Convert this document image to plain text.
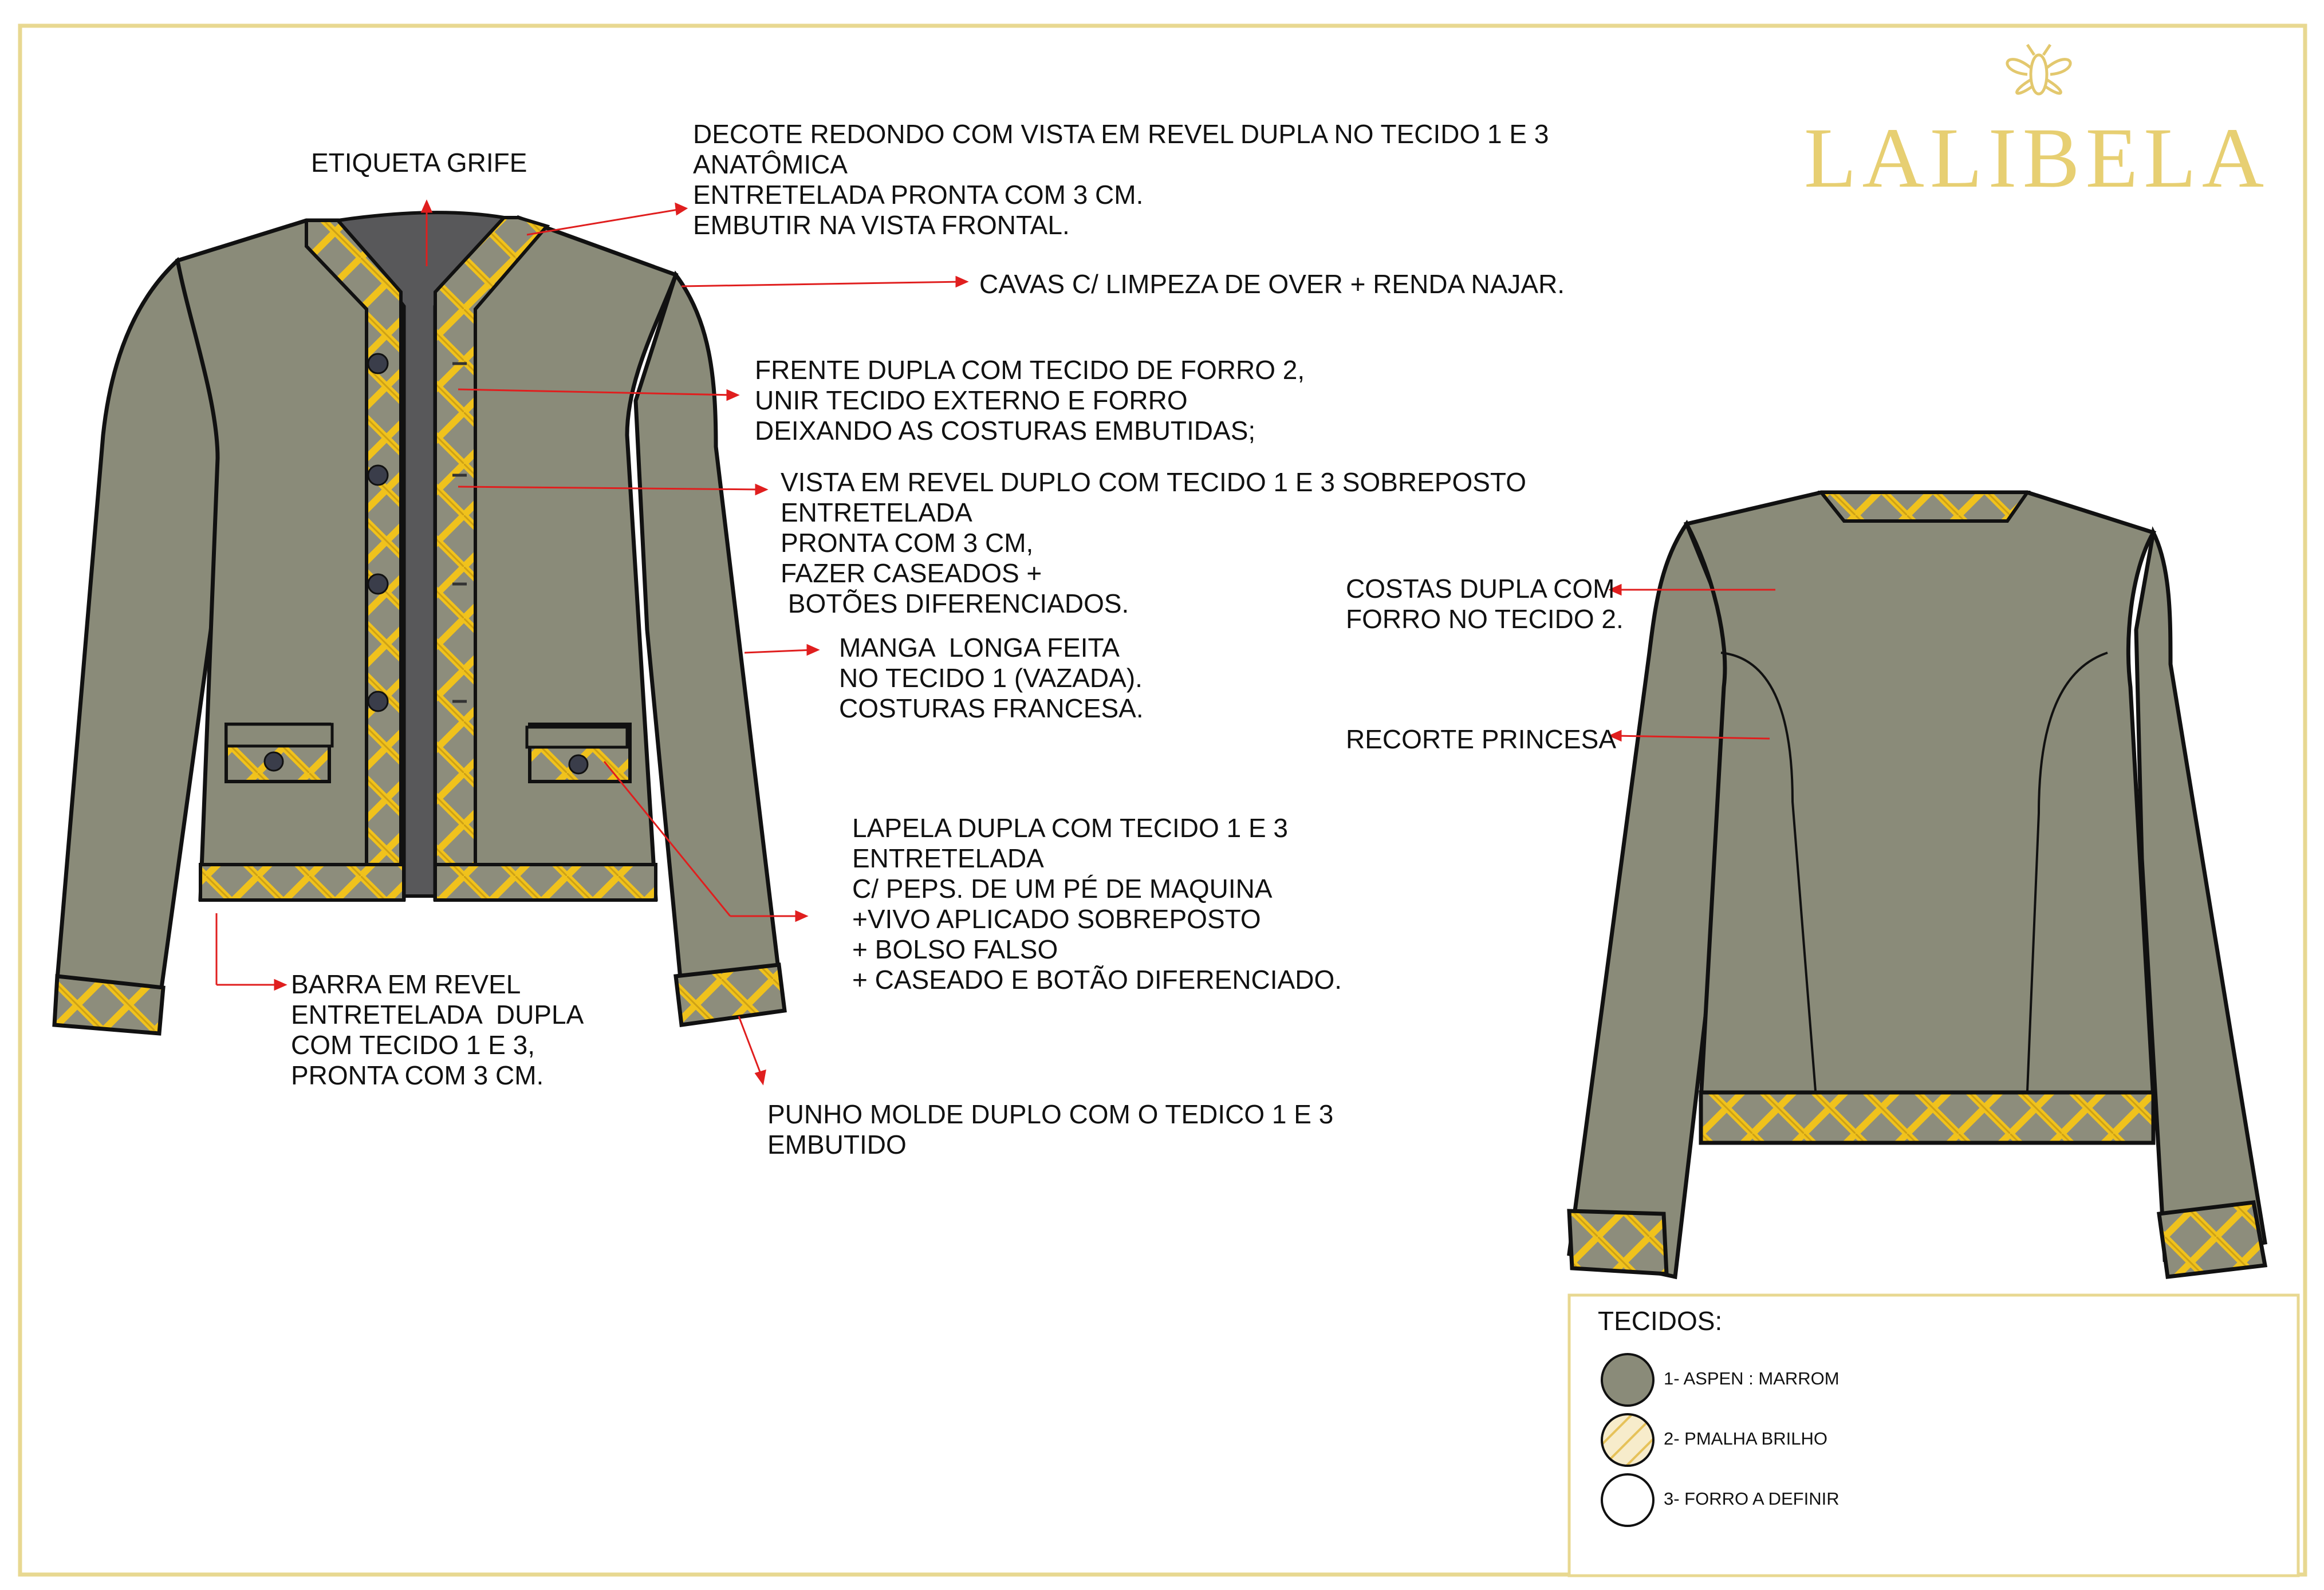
LALIBELA
ETIQUETA GRIFE
DECOTE REDONDO COM VISTA EM REVEL DUPLA NO TECIDO 1 E 3
ANATÔMICA
ENTRETELADA PRONTA COM 3 CM.
EMBUTIR NA VISTA FRONTAL.
CAVAS C/ LIMPEZA DE OVER + RENDA NAJAR.
FRENTE DUPLA COM TECIDO DE FORRO 2,
UNIR TECIDO EXTERNO E FORRO
DEIXANDO AS COSTURAS EMBUTIDAS;
VISTA EM REVEL DUPLO COM TECIDO 1 E 3 SOBREPOSTO
ENTRETELADA
PRONTA COM 3 CM,
FAZER CASEADOS +
BOTÕES DIFERENCIADOS.
MANGA  LONGA FEITA
NO TECIDO 1 (VAZADA).
COSTURAS FRANCESA.
LAPELA DUPLA COM TECIDO 1 E 3
ENTRETELADA
C/ PEPS. DE UM PÉ DE MAQUINA
+VIVO APLICADO SOBREPOSTO
+ BOLSO FALSO
+ CASEADO E BOTÃO DIFERENCIADO.
BARRA EM REVEL
ENTRETELADA  DUPLA
COM TECIDO 1 E 3,
PRONTA COM 3 CM.
PUNHO MOLDE DUPLO COM O TEDICO 1 E 3
EMBUTIDO
COSTAS DUPLA COM
FORRO NO TECIDO 2.
RECORTE PRINCESA
TECIDOS:
1- ASPEN : MARROM
2- PMALHA BRILHO
3- FORRO A DEFINIR
